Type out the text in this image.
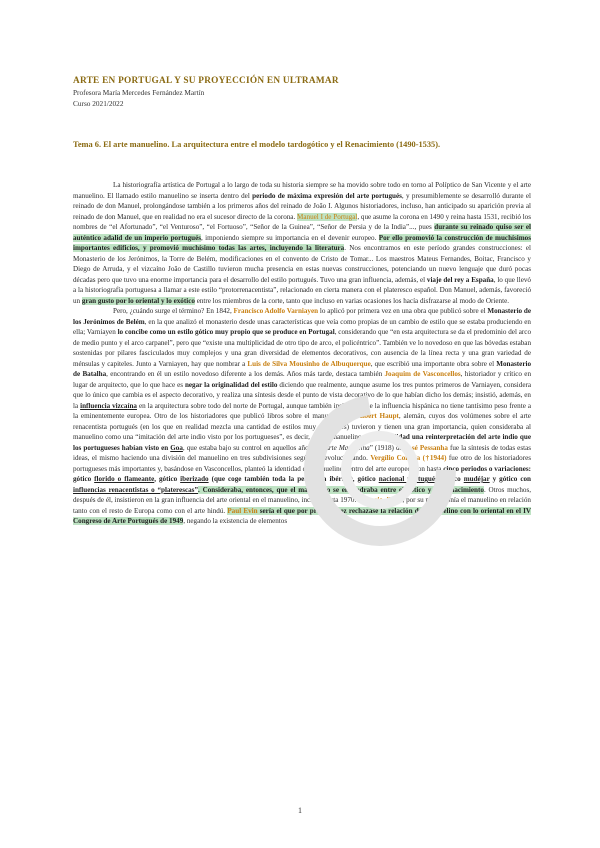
ARTE EN PORTUGAL Y SU PROYECCIÓN EN ULTRAMAR
Profesora María Mercedes Fernández Martín
Curso 2021/2022
Tema 6. El arte manuelino. La arquitectura entre el modelo tardogótico y el Renacimiento (1490-1535).

La historiografía artística de Portugal a lo largo de toda su historia siempre se ha movido sobre todo en torno al Políptico de San Vicente y el arte manuelino. El llamado estilo manuelino se inserta dentro del periodo de máxima expresión del arte portugués, y presumiblemente se desarrolló durante el reinado de don Manuel, prolongándose también a los primeros años del reinado de João I. Algunos historiadores, incluso, han anticipado su aparición previa al reinado de don Manuel, que en realidad no era el sucesor directo de la corona. Manuel I de Portugal, que asume la corona en 1490 y reina hasta 1531, recibió los nombres de “el Afortunado”, “el Venturoso”, “el Fortuoso”, “Señor de la Guinea”, “Señor de Persia y de la India”..., pues durante su reinado quiso ser el auténtico adalid de un imperio portugués, imponiendo siempre su importancia en el devenir europeo. Por ello promovió la construcción de muchísimos importantes edificios, y promovió muchísimo todas las artes, incluyendo la literatura. Nos encontramos en este período grandes construcciones: el Monasterio de los Jerónimos, la Torre de Belém, modificaciones en el convento de Cristo de Tomar... Los maestros Mateus Fernandes, Boitac, Francisco y Diego de Arruda, y el vizcaíno João de Castillo tuvieron mucha presencia en estas nuevas construcciones, potenciando un nuevo lenguaje que duró pocas décadas pero que tuvo una enorme importancia para el desarrollo del estilo portugués. Tuvo una gran influencia, además, el viaje del rey a España, lo que llevó a la historiografía portuguesa a llamar a este estilo “protorrenacentista”, relacionado en cierta manera con el plateresco español. Don Manuel, además, favoreció un gran gusto por lo oriental y lo exótico entre los miembros de la corte, tanto que incluso en varias ocasiones los hacía disfrazarse al modo de Oriente.

Pero, ¿cuándo surge el término? En 1842, Francisco Adolfo Varniayen lo aplicó por primera vez en una obra que publicó sobre el Monasterio de los Jerónimos de Belém, en la que analizó el monasterio desde unas características que veía como propias de un cambio de estilo que se estaba produciendo en ella; Varniayen lo concibe como un estilo gótico muy propio que se produce en Portugal, considerando que “en esta arquitectura se da el predominio del arco de medio punto y el arco carpanel”, pero que “existe una multiplicidad de otro tipo de arco, el policéntrico”. También ve lo novedoso en que las bóvedas estaban sostenidas por pilares fasciculados muy complejos y una gran diversidad de elementos decorativos, con ausencia de la línea recta y una gran variedad de ménsulas y capiteles. Junto a Varniayen, hay que nombrar a Luis de Silva Mousinho de Albuquerque, que escribió una importante obra sobre el Monasterio de Batalha, encontrando en él un estilo novedoso diferente a los demás. Años más tarde, destaca también Joaquim de Vasconcellos, historiador y crítico en lugar de arquitecto, que lo que hace es negar la originalidad del estilo diciendo que realmente, aunque asume los tres puntos primeros de Varniayen, considera que lo único que cambia es el aspecto decorativo, y realiza una síntesis desde el punto de vista decorativo de lo que habían dicho los demás; insistió, además, en la influencia vizcaína en la arquitectura sobre todo del norte de Portugal, aunque también insiste en que la influencia hispánica no tiene tantísimo peso frente a la eminentemente europea. Otro de los historiadores que publicó libros sobre el manuelino fue Albert Haupt, alemán, cuyos dos volúmenes sobre el arte renacentista portugués (en los que en realidad mezcla una cantidad de estilos muy diferentes) tuvieron y tienen una gran importancia, quien consideraba al manuelino como una “imitación del arte indio visto por los portugueses”, es decir, que el manuelino era en realidad una reinterpretación del arte indio que los portugueses habían visto en Goa, que estaba bajo su control en aquellos años. “A Arte Manuelina” (1918) de José Pessanha fue la síntesis de todas estas ideas, el mismo haciendo una división del manuelino en tres subdivisiones según iba evolucionando. Vergílio Correia (†1944) fue otro de los historiadores portugueses más importantes y, basándose en Vasconcellos, planteó la identidad del manuelino dentro del arte europeo, con hasta cinco periodos o variaciones: gótico florido o flameante, gótico iberizado (que coge también toda la península ibérica), gótico nacional portugués, gótico mudéjar y gótico con influencias renacentistas o “platerescas”. Consideraba, entonces, que el manuelino se encuadraba entre el gótico y el Renacimiento. Otros muchos, después de él, insistieron en la gran influencia del arte oriental en el manuelino, incluso hasta 1970. Eugenio d’Ors, por su parte, ponía el manuelino en relación tanto con el resto de Europa como con el arte hindú. Paul Evin sería el que por primera vez rechazase la relación del manuelino con lo oriental en el IV Congreso de Arte Portugués de 1949, negando la existencia de elementos

1
